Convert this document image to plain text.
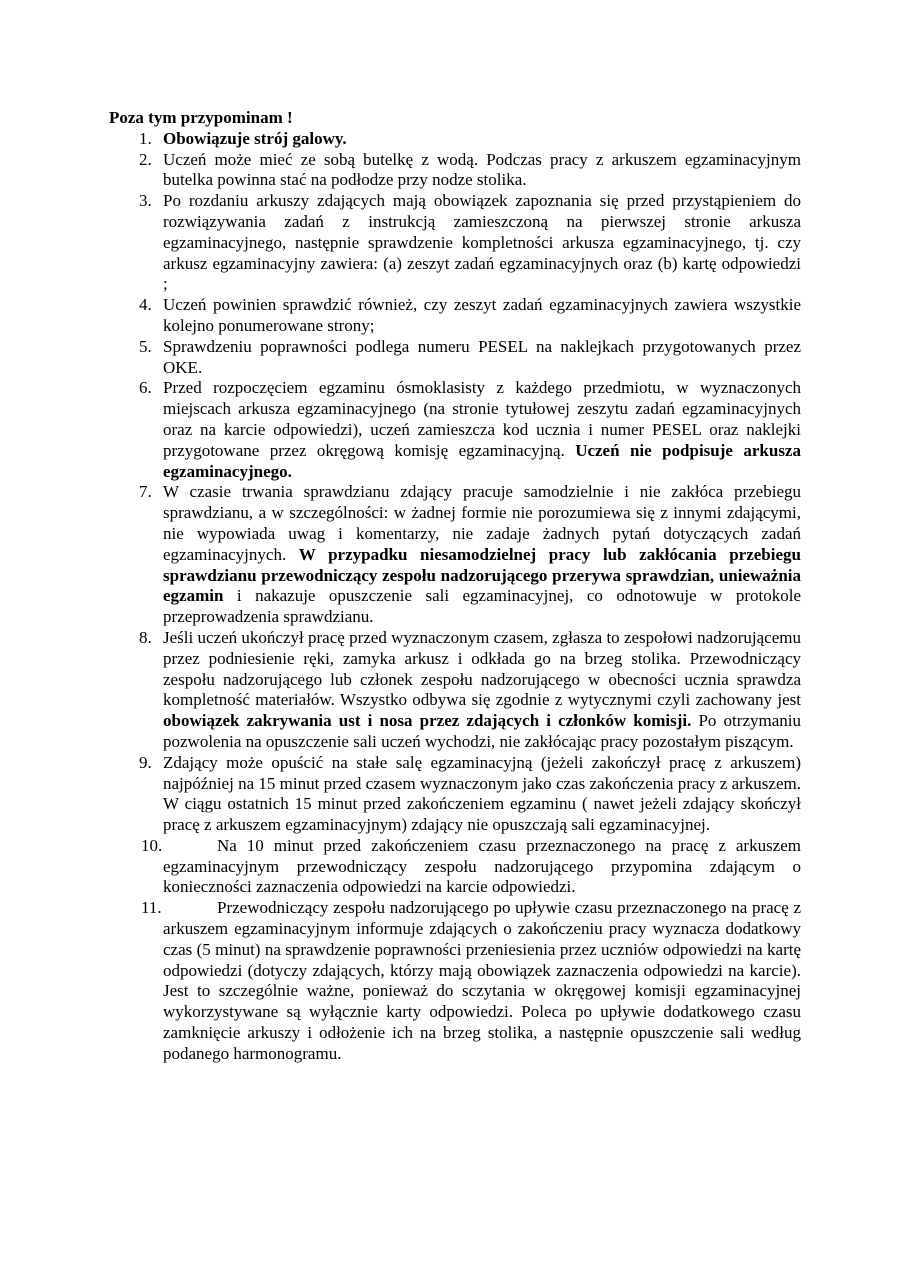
Poza tym przypominam !

1. Obowiązuje strój galowy.
2. Uczeń może mieć ze sobą butelkę z wodą. Podczas pracy z arkuszem egzaminacyjnym butelka powinna stać na podłodze przy nodze stolika.
3. Po rozdaniu arkuszy zdających mają obowiązek zapoznania się przed przystąpieniem do rozwiązywania zadań z instrukcją zamieszczoną na pierwszej stronie arkusza egzaminacyjnego, następnie sprawdzenie kompletności arkusza egzaminacyjnego, tj. czy arkusz egzaminacyjny zawiera: (a) zeszyt zadań egzaminacyjnych oraz (b) kartę odpowiedzi ;
4. Uczeń powinien sprawdzić również, czy zeszyt zadań egzaminacyjnych zawiera wszystkie kolejno ponumerowane strony;
5. Sprawdzeniu poprawności podlega numeru PESEL na naklejkach przygotowanych przez OKE.
6. Przed rozpoczęciem egzaminu ósmoklasisty z każdego przedmiotu, w wyznaczonych miejscach arkusza egzaminacyjnego (na stronie tytułowej zeszytu zadań egzaminacyjnych oraz na karcie odpowiedzi), uczeń zamieszcza kod ucznia i numer PESEL oraz naklejki przygotowane przez okręgową komisję egzaminacyjną. Uczeń nie podpisuje arkusza egzaminacyjnego.
7. W czasie trwania sprawdzianu zdający pracuje samodzielnie i nie zakłóca przebiegu sprawdzianu, a w szczególności: w żadnej formie nie porozumiewa się z innymi zdającymi, nie wypowiada uwag i komentarzy, nie zadaje żadnych pytań dotyczących zadań egzaminacyjnych. W przypadku niesamodzielnej pracy lub zakłócania przebiegu sprawdzianu przewodniczący zespołu nadzorującego przerywa sprawdzian, unieważnia egzamin i nakazuje opuszczenie sali egzaminacyjnej, co odnotowuje w protokole przeprowadzenia sprawdzianu.
8. Jeśli uczeń ukończył pracę przed wyznaczonym czasem, zgłasza to zespołowi nadzorującemu przez podniesienie ręki, zamyka arkusz i odkłada go na brzeg stolika. Przewodniczący zespołu nadzorującego lub członek zespołu nadzorującego w obecności ucznia sprawdza kompletność materiałów. Wszystko odbywa się zgodnie z wytycznymi czyli zachowany jest obowiązek zakrywania ust i nosa przez zdających i członków komisji. Po otrzymaniu pozwolenia na opuszczenie sali uczeń wychodzi, nie zakłócając pracy pozostałym piszącym.
9. Zdający może opuścić na stałe salę egzaminacyjną (jeżeli zakończył pracę z arkuszem) najpóźniej na 15 minut przed czasem wyznaczonym jako czas zakończenia pracy z arkuszem. W ciągu ostatnich 15 minut przed zakończeniem egzaminu ( nawet jeżeli zdający skończył pracę z arkuszem egzaminacyjnym) zdający nie opuszczają sali egzaminacyjnej.
10.	Na 10 minut przed zakończeniem czasu przeznaczonego na pracę z arkuszem egzaminacyjnym przewodniczący zespołu nadzorującego przypomina zdającym o konieczności zaznaczenia odpowiedzi na karcie odpowiedzi.
11.	Przewodniczący zespołu nadzorującego po upływie czasu przeznaczonego na pracę z arkuszem egzaminacyjnym informuje zdających o zakończeniu pracy wyznacza dodatkowy czas (5 minut) na sprawdzenie poprawności przeniesienia przez uczniów odpowiedzi na kartę odpowiedzi (dotyczy zdających, którzy mają obowiązek zaznaczenia odpowiedzi na karcie). Jest to szczególnie ważne, ponieważ do sczytania w okręgowej komisji egzaminacyjnej wykorzystywane są wyłącznie karty odpowiedzi. Poleca po upływie dodatkowego czasu zamknięcie arkuszy i odłożenie ich na brzeg stolika, a następnie opuszczenie sali według podanego harmonogramu.
